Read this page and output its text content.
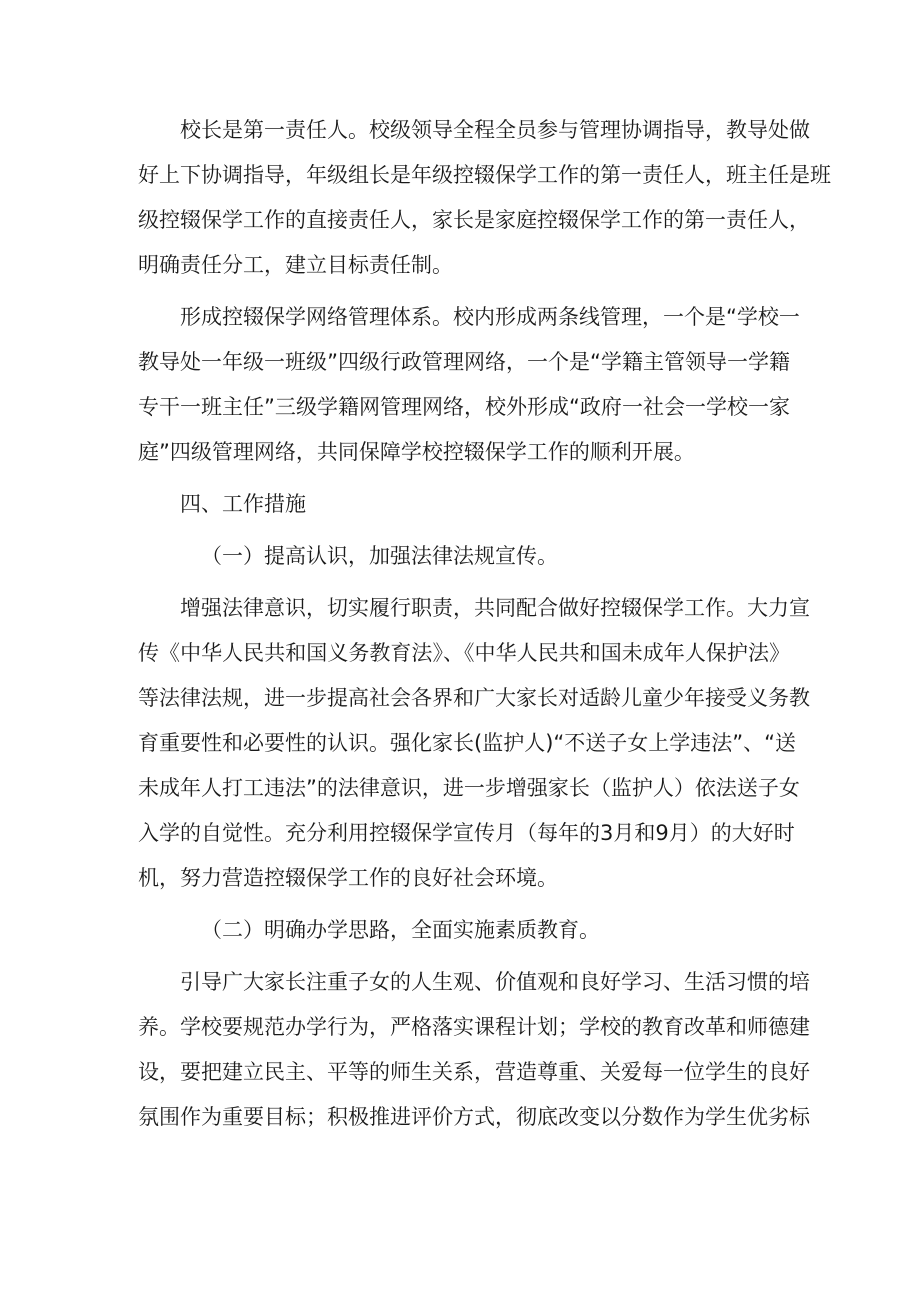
校长是第一责任人。校级领导全程全员参与管理协调指导，教导处做
好上下协调指导，年级组长是年级控辍保学工作的第一责任人，班主任是班
级控辍保学工作的直接责任人，家长是家庭控辍保学工作的第一责任人，
明确责任分工，建立目标责任制。
形成控辍保学网络管理体系。校内形成两条线管理，一个是“学校一
教导处一年级一班级”四级行政管理网络，一个是“学籍主管领导一学籍
专干一班主任”三级学籍网管理网络，校外形成“政府一社会一学校一家
庭”四级管理网络，共同保障学校控辍保学工作的顺利开展。
四、工作措施
（一）提高认识，加强法律法规宣传。
增强法律意识，切实履行职责，共同配合做好控辍保学工作。大力宣
传《中华人民共和国义务教育法》、《中华人民共和国未成年人保护法》
等法律法规，进一步提高社会各界和广大家长对适龄儿童少年接受义务教
育重要性和必要性的认识。强化家长(监护人)“不送子女上学违法”、“送
未成年人打工违法”的法律意识，进一步增强家长（监护人）依法送子女
入学的自觉性。充分利用控辍保学宣传月（每年的3月和9月）的大好时
机，努力营造控辍保学工作的良好社会环境。
（二）明确办学思路，全面实施素质教育。
引导广大家长注重子女的人生观、价值观和良好学习、生活习惯的培
养。学校要规范办学行为，严格落实课程计划；学校的教育改革和师德建
设，要把建立民主、平等的师生关系，营造尊重、关爱每一位学生的良好
氛围作为重要目标；积极推进评价方式，彻底改变以分数作为学生优劣标
